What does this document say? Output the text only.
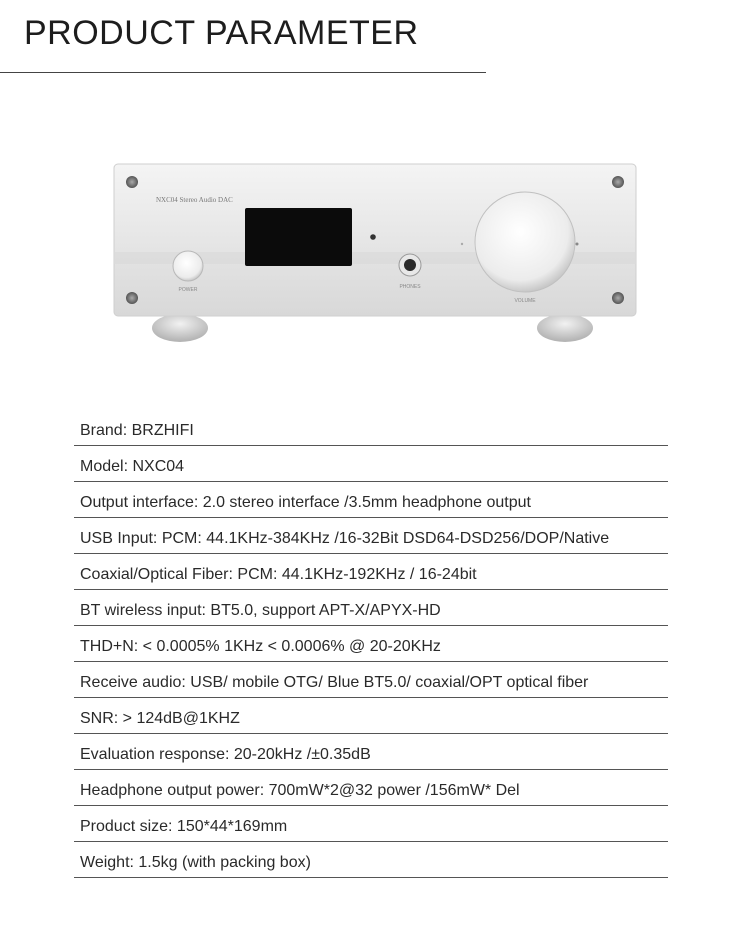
PRODUCT PARAMETER
NXC04 Stereo Audio DAC
POWER	PHONES
VOLUME
Brand: BRZHIFI
Model: NXC04
Output interface: 2.0 stereo interface /3.5mm headphone output
USB Input: PCM: 44.1KHz-384KHz /16-32Bit DSD64-DSD256/DOP/Native
Coaxial/Optical Fiber: PCM: 44.1KHz-192KHz / 16-24bit
BT wireless input: BT5.0, support APT-X/APYX-HD
THD+N: < 0.0005% 1KHz < 0.0006% @ 20-20KHz
Receive audio: USB/ mobile OTG/ Blue BT5.0/ coaxial/OPT optical fiber
SNR: > 124dB@1KHZ
Evaluation response: 20-20kHz /±0.35dB
Headphone output power: 700mW*2@32 power /156mW* Del
Product size: 150*44*169mm
Weight: 1.5kg (with packing box)
